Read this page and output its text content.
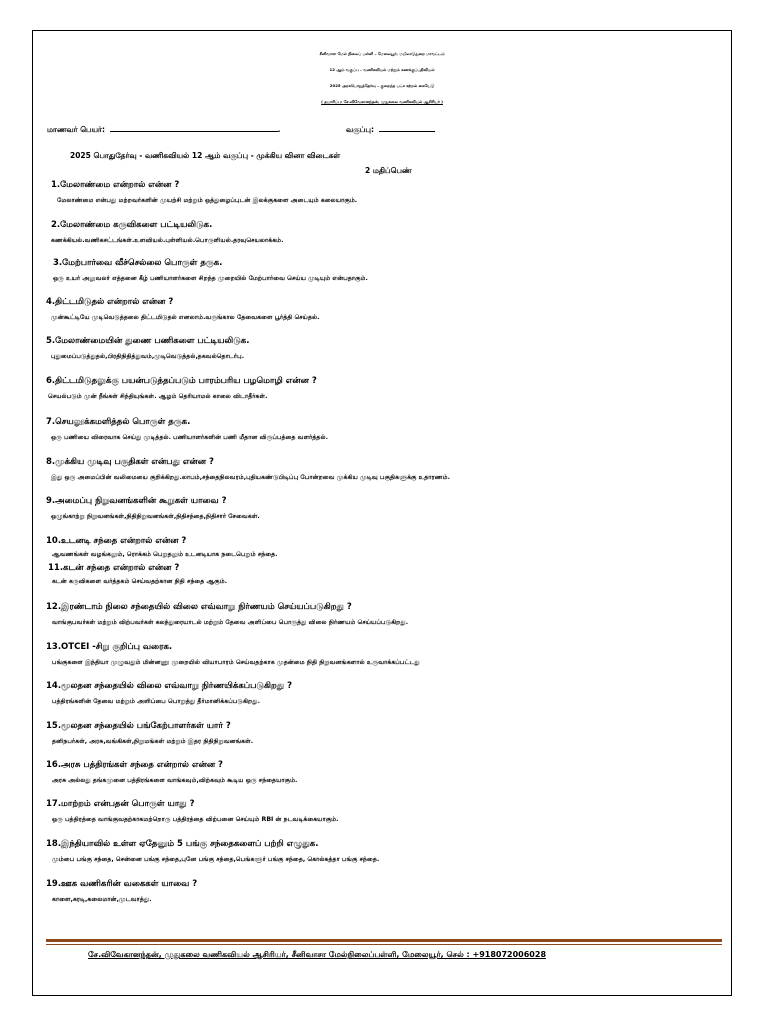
சீனிவாசா மேல் நிலைப் பள்ளி – மேலையூர், மயிலாடுதுறை மாவட்டம்
12 ஆம் வகுப்பு – வணிகவியல் மற்றும் கணக்குப்பதிவியல்
2025 அரசுபொதுத்தேர்வு – குறைந்த பட்ச கற்றல் கையேடு
( தயாரிப்பு: சே.விவேகானந்தன், முதுகலை வணிகவியல் ஆசிரியர் )
மாணவர் பெயர்:	.	வகுப்பு:
2025 பொதுதேர்வு - வணிகவியல் 12 ஆம் வகுப்பு - முக்கிய வினா விடைகள்
2 மதிப்பெண்
1.மேலாண்மை என்றால் என்ன ?
மேலாண்மை என்பது மற்றவர்களின் முயற்சி மற்றும் ஒத்துழைப்புடன் இலக்குகளை அடையும் கலையாகும்.
2.மேலாண்மை கருவிகளை பட்டியலிடுக.
கணக்கியல்.வணிகசட்டங்கள்.உளவியல்.புள்ளியல்.பொருளியல்.தரவுசெயலாக்கம்.
3.மேற்பார்வை வீச்செல்லை பொருள் தருக.
ஒரு உயர் அலுவலர் எத்தனை கீழ் பணியாளர்களை சிறந்த முறையில் மேற்பார்வை செய்ய முடியும் என்பதாகும்.
4.திட்டமிடுதல் என்றால் என்ன ?
முன்கூட்டியே முடிவெடுத்தலை திட்டமிடுதல் எனலாம்.வருங்கால தேவைகளை பூர்த்தி செய்தல்.
5.மேலாண்மையின் துணை பணிகளை பட்டியலிடுக.
புதுமைப்படுத்துதல்,பிரதிநிதித்துவம்,முடிவெடுத்தல்,தகவல்தொடர்பு.
6.திட்டமிடுதலுக்கு பயன்படுத்தப்படும் பாரம்பரிய பழமொழி என்ன ?
செயல்படும் முன் நீங்கள் சிந்தியுங்கள். ஆழம் தெரியாமல் காலை விடாதீர்கள்.
7.செயலூக்கமளித்தல் பொருள் தருக.
ஒரு பணியை விரைவாக செய்து முடித்தல். பணியாளர்களின் பணி மீதான விருப்பத்தை வளர்த்தல்.
8.முக்கிய முடிவு பகுதிகள் என்பது என்ன ?
இது ஒரு அமைப்பின் வலிமையை குறிக்கிறது.லாபம்,சந்தைநிலவரம்,புதியகண்டுபிடிப்பு போன்றவை முக்கிய முடிவு பகுதிகளுக்கு உதாரணம்.
9.அமைப்பு நிறுவனங்களின் கூறுகள் யாவை ?
ஒழுங்காற்று நிறுவனங்கள்,நிதிநிறுவனங்கள்,நிதிசந்தை,நிதிசார் சேவைகள்.
10.உடனடி சந்தை என்றால் என்ன ?
ஆவணங்கள் வழங்கலும், ரொக்கம் பெறுதலும் உடனடியாக நடைபெறும் சந்தை.
11.கடன் சந்தை என்றால் என்ன ?
கடன் கருவிகளை வர்த்தகம் செய்வதற்கான நிதி சந்தை ஆகும்.
12.இரண்டாம் நிலை சந்தையில் விலை எவ்வாறு நிர்ணயம் செய்யப்படுகிறது ?
வாங்குபவர்கள் மற்றும் விற்பவர்கள் கலந்துரையாடல் மற்றும் தேவை அளிப்பை பொருத்து விலை நிர்ணயம் செய்யப்படுகிறது.
13.OTCEI -சிறு குறிப்பு வரைக.
பங்குகளை இந்தியா முழுவதும் மின்னணு முறையில் வியாபாரம் செய்வதற்காக முதன்மை நிதி நிறுவனங்களால் உருவாக்கப்பட்டது
14.மூலதன சந்தையில் விலை எவ்வாறு நிர்ணயிக்கப்படுகிறது ?
பத்திரங்களின் தேவை மற்றும் அளிப்பை பொறுத்து தீர்மானிக்கப்படுகிறது.
15.மூலதன சந்தையில் பங்கேற்பாளர்கள் யார் ?
தனிநபர்கள், அரசு,வங்கிகள்,நிறுமங்கள் மற்றும் இதர நிதிநிறுவனங்கள்.
16.அரசு பத்திரங்கள் சந்தை என்றால் என்ன ?
அரசு அல்லது தங்கமுனை பத்திரங்களை வாங்கவும்,விற்கவும் கூடிய ஒரு சந்தையாகும்.
17.மாற்றம் என்பதன் பொருள் யாது ?
ஒரு பத்திரத்தை வாங்குவதற்காகமற்றொரு பத்திரத்தை விற்பனை செய்யும் RBI ன் நடவடிக்கையாகும்.
18.இந்தியாவில் உள்ள ஏதேனும் 5 பங்கு சந்தைகளைப் பற்றி எழுதுக.
மும்பை பங்கு சந்தை, சென்னை பங்கு சந்தை,புனே பங்கு சந்தை,பெங்களூர் பங்கு சந்தை, கொல்கத்தா பங்கு சந்தை.
19.ஊக வணிகரின் வகைகள் யாவை ?
காளை,கரடி,கலைமான்,முடவாத்து.
சே.விவேகானந்தன், முதுகலை வணிகவியல் ஆசிரியர், சீனிவாசா மேல்நிலைப்பள்ளி, மேலையூர், செல் : +918072006028
